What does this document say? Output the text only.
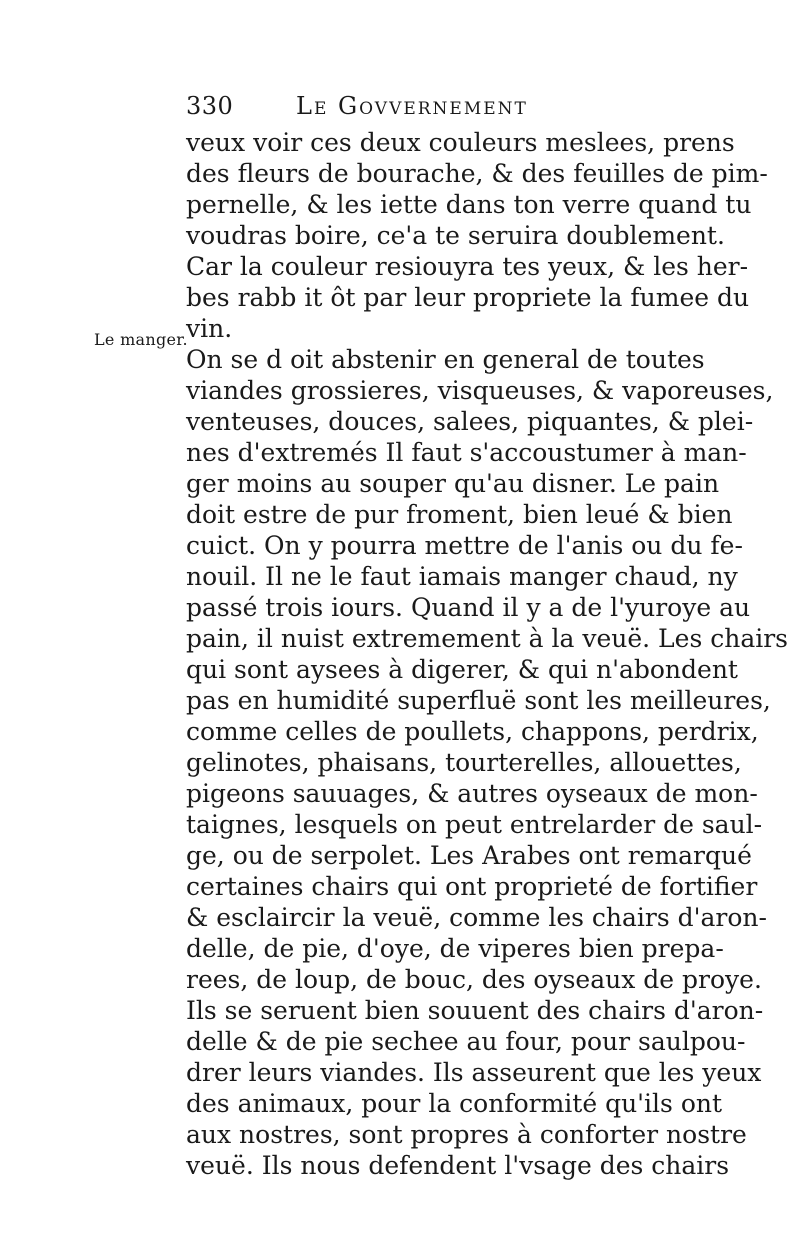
330	Le Govvernement
Le manger.
veux voir ces deux couleurs meslees, prens
des fleurs de bourache, & des feuilles de pim-
pernelle, & les iette dans ton verre quand tu
voudras boire, ce'a te seruira doublement.
Car la couleur resiouyra tes yeux, & les her-
bes rabb it ôt par leur propriete la fumee du
vin.
On se d oit abstenir en general de toutes
viandes grossieres, visqueuses, & vaporeuses,
venteuses, douces, salees, piquantes, & plei-
nes d'extremés Il faut s'accoustumer à man-
ger moins au souper qu'au disner. Le pain
doit estre de pur froment, bien leué & bien
cuict. On y pourra mettre de l'anis ou du fe-
nouil. Il ne le faut iamais manger chaud, ny
passé trois iours. Quand il y a de l'yuroye au
pain, il nuist extremement à la veuë. Les chairs
qui sont aysees à digerer, & qui n'abondent
pas en humidité superfluë sont les meilleures,
comme celles de poullets, chappons, perdrix,
gelinotes, phaisans, tourterelles, allouettes,
pigeons sauuages, & autres oyseaux de mon-
taignes, lesquels on peut entrelarder de saul-
ge, ou de serpolet. Les Arabes ont remarqué
certaines chairs qui ont proprieté de fortifier
& esclaircir la veuë, comme les chairs d'aron-
delle, de pie, d'oye, de viperes bien prepa-
rees, de loup, de bouc, des oyseaux de proye.
Ils se seruent bien souuent des chairs d'aron-
delle & de pie sechee au four, pour saulpou-
drer leurs viandes. Ils asseurent que les yeux
des animaux, pour la conformité qu'ils ont
aux nostres, sont propres à conforter nostre
veuë. Ils nous defendent l'vsage des chairs
